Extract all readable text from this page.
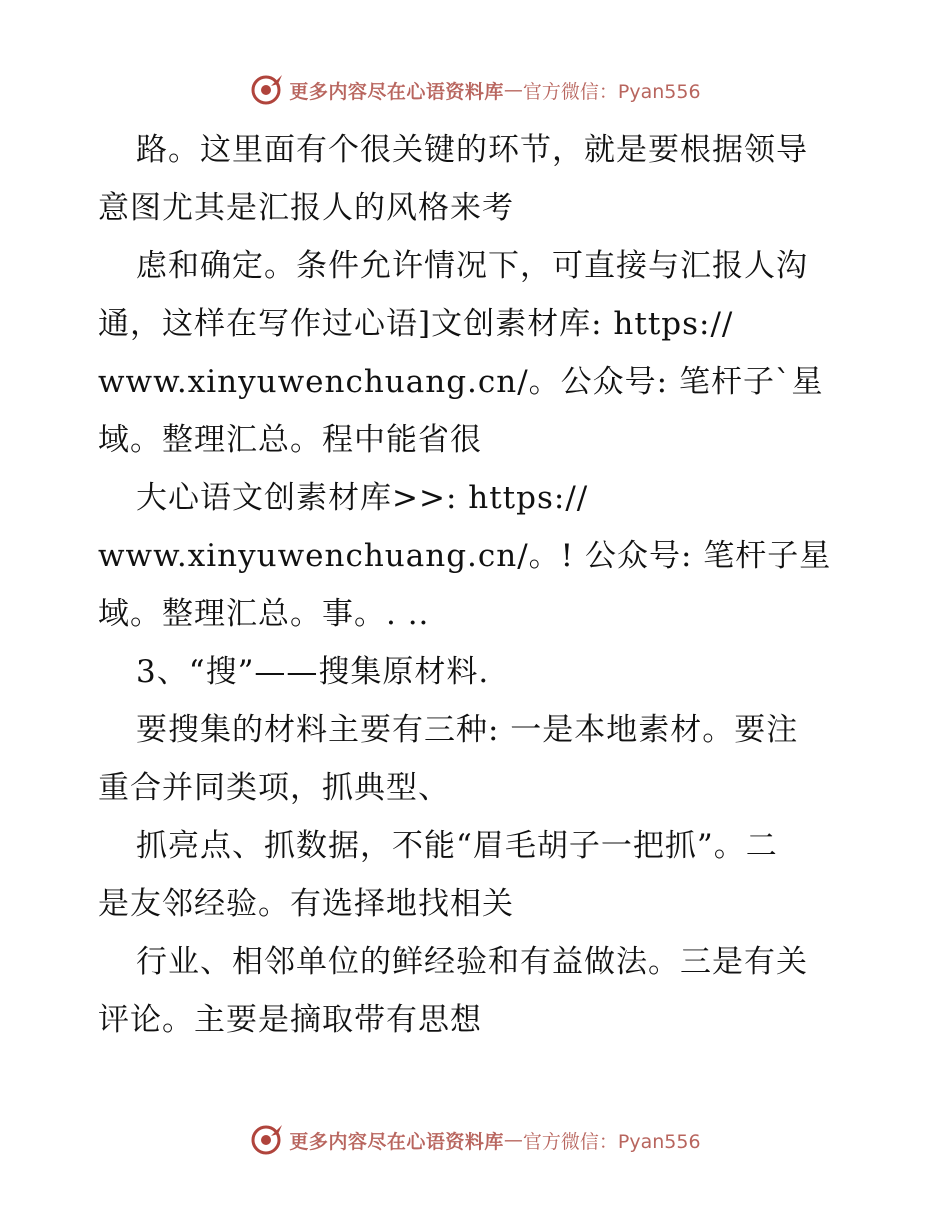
更多内容尽在心语资料库 — 官方微信：Pyan556
路。这里面有个很关键的环节，就是要根据领导
意图尤其是汇报人的风格来考
虑和确定。条件允许情况下，可直接与汇报人沟
通，这样在写作过心语]文创素材库: https://
www.xinyuwenchuang.cn/。公众号: 笔杆子`星
域。整理汇总。程中能省很
大心语文创素材库>>: https://
www.xinyuwenchuang.cn/。! 公众号: 笔杆子星
域。整理汇总。事。. ..
3、“搜”——搜集原材料.
要搜集的材料主要有三种: 一是本地素材。要注
重合并同类项，抓典型、
抓亮点、抓数据，不能“眉毛胡子一把抓”。二
是友邻经验。有选择地找相关
行业、相邻单位的鲜经验和有益做法。三是有关
评论。主要是摘取带有思想
更多内容尽在心语资料库 — 官方微信：Pyan556
